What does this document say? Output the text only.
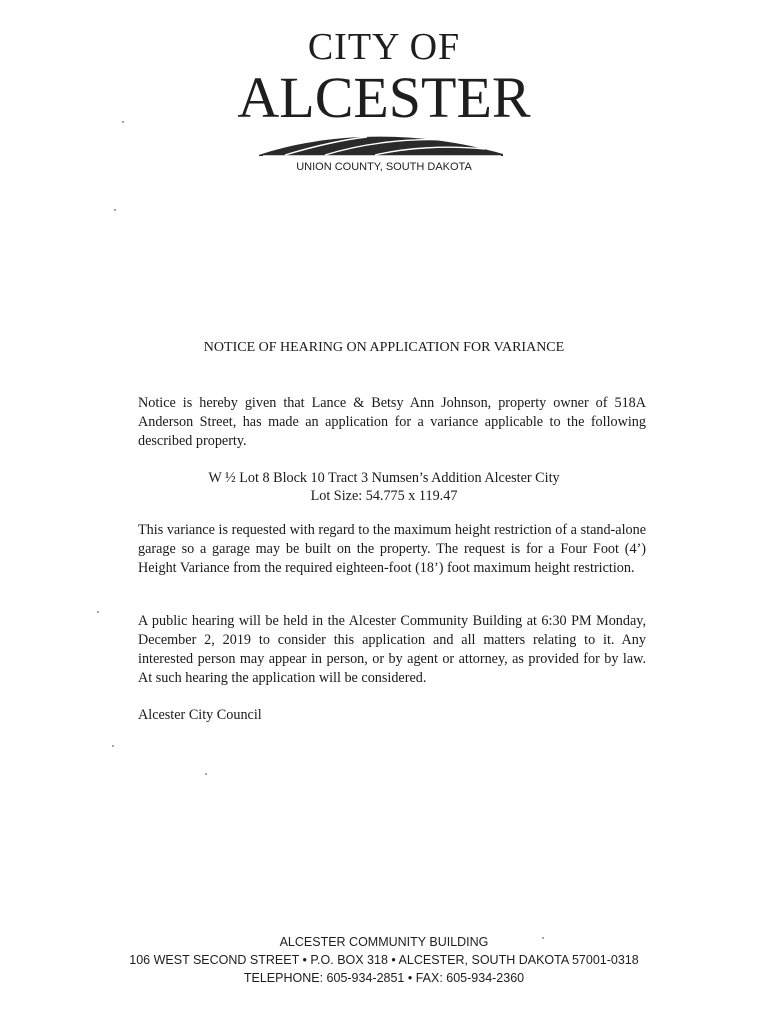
CITY OF
ALCESTER
UNION COUNTY, SOUTH DAKOTA
NOTICE OF HEARING ON APPLICATION FOR VARIANCE

Notice is hereby given that Lance & Betsy Ann Johnson, property owner of 518A Anderson Street, has made an application for a variance applicable to the following described property.

W ½ Lot 8 Block 10 Tract 3 Numsen’s Addition Alcester City
Lot Size: 54.775 x 119.47

This variance is requested with regard to the maximum height restriction of a stand-alone garage so a garage may be built on the property. The request is for a Four Foot (4’) Height Variance from the required eighteen-foot (18’) foot maximum height restriction.

A public hearing will be held in the Alcester Community Building at 6:30 PM Monday, December 2, 2019 to consider this application and all matters relating to it. Any interested person may appear in person, or by agent or attorney, as provided for by law. At such hearing the application will be considered.

Alcester City Council
ALCESTER COMMUNITY BUILDING
106 WEST SECOND STREET • P.O. BOX 318 • ALCESTER, SOUTH DAKOTA 57001-0318
TELEPHONE: 605-934-2851 • FAX: 605-934-2360
